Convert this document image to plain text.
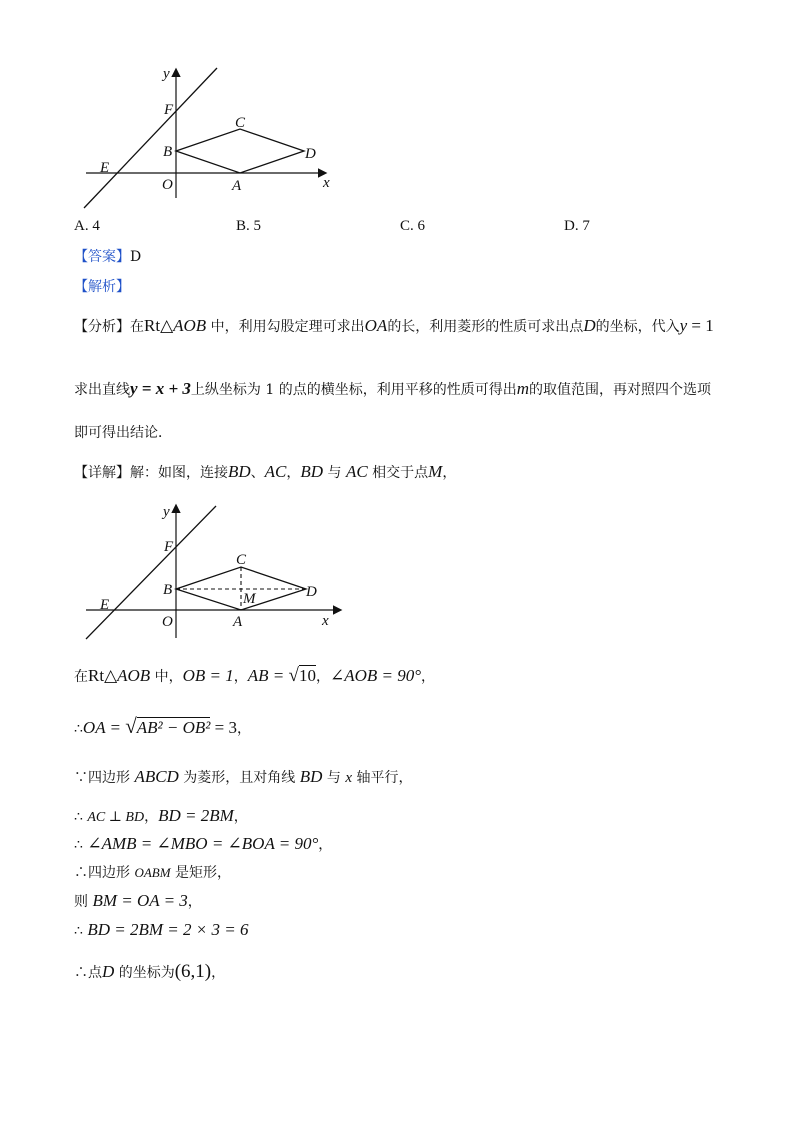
y
x
F
E
O
B
C
D
A
A. 4	B. 5	C. 6	D. 7
【答案】D
【解析】
【分析】在Rt△AOB 中，利用勾股定理可求出OA的长，利用菱形的性质可求出点D的坐标，代入y = 1
求出直线y = x + 3上纵坐标为 1 的点的横坐标，利用平移的性质可得出m的取值范围，再对照四个选项
即可得出结论．
【详解】解：如图，连接BD、AC，BD 与 AC 相交于点M，
y
x
F
E
O
B
C
D
M
A
在Rt△AOB 中，OB = 1，AB = √10，∠AOB = 90°，
∴OA = √AB² − OB² = 3，
∵四边形 ABCD 为菱形，且对角线 BD 与 x 轴平行，
∴ AC ⊥ BD，BD = 2BM，
∴ ∠AMB = ∠MBO = ∠BOA = 90°，
∴四边形 OABM 是矩形，
则 BM = OA = 3，
∴ BD = 2BM = 2 × 3 = 6
∴点D 的坐标为(6,1)，
